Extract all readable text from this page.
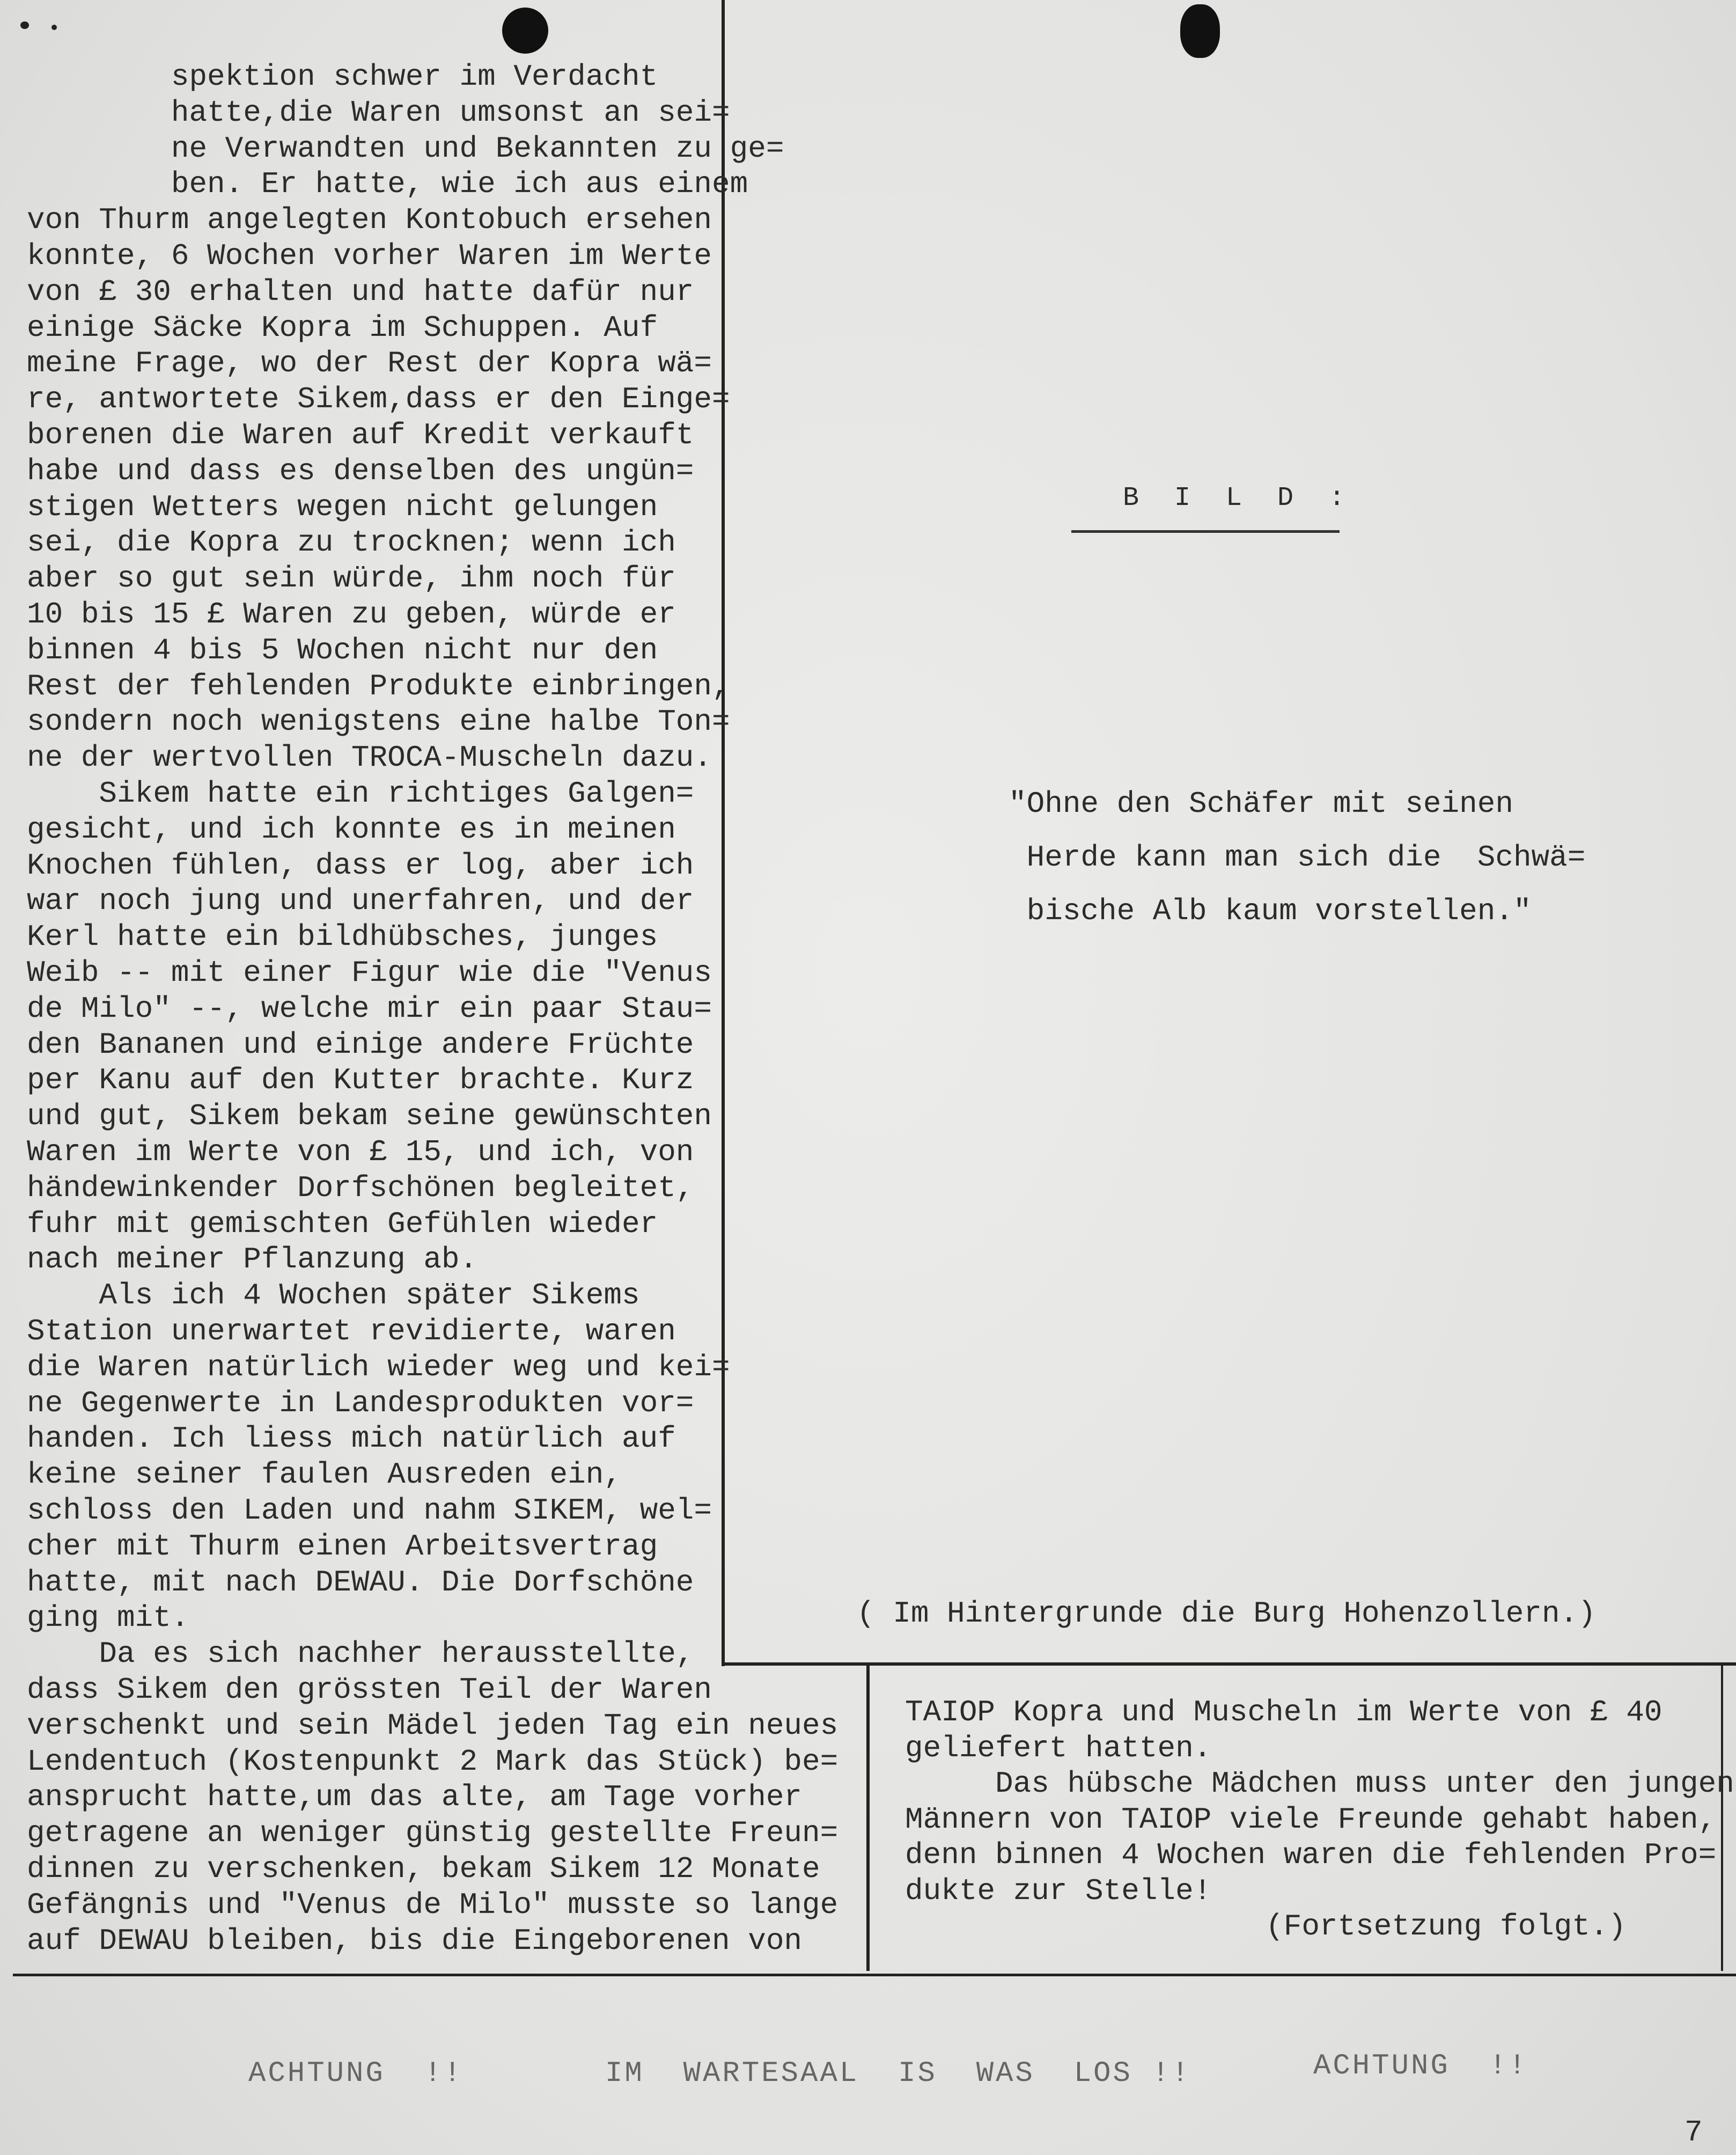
spektion schwer im Verdacht
hatte,die Waren umsonst an sei=
ne Verwandten und Bekannten zu ge=
ben. Er hatte, wie ich aus einem
von Thurm angelegten Kontobuch ersehen
konnte, 6 Wochen vorher Waren im Werte
von £ 30 erhalten und hatte dafür nur
einige Säcke Kopra im Schuppen. Auf
meine Frage, wo der Rest der Kopra wä=
re, antwortete Sikem,dass er den Einge=
borenen die Waren auf Kredit verkauft
habe und dass es denselben des ungün=
stigen Wetters wegen nicht gelungen
sei, die Kopra zu trocknen; wenn ich
aber so gut sein würde, ihm noch für
10 bis 15 £ Waren zu geben, würde er
binnen 4 bis 5 Wochen nicht nur den
Rest der fehlenden Produkte einbringen,
sondern noch wenigstens eine halbe Ton=
ne der wertvollen TROCA-Muscheln dazu.
Sikem hatte ein richtiges Galgen=
gesicht, und ich konnte es in meinen
Knochen fühlen, dass er log, aber ich
war noch jung und unerfahren, und der
Kerl hatte ein bildhübsches, junges
Weib -- mit einer Figur wie die "Venus
de Milo" --, welche mir ein paar Stau=
den Bananen und einige andere Früchte
per Kanu auf den Kutter brachte. Kurz
und gut, Sikem bekam seine gewünschten
Waren im Werte von £ 15, und ich, von
händewinkender Dorfschönen begleitet,
fuhr mit gemischten Gefühlen wieder
nach meiner Pflanzung ab.
Als ich 4 Wochen später Sikems
Station unerwartet revidierte, waren
die Waren natürlich wieder weg und kei=
ne Gegenwerte in Landesprodukten vor=
handen. Ich liess mich natürlich auf
keine seiner faulen Ausreden ein,
schloss den Laden und nahm SIKEM, wel=
cher mit Thurm einen Arbeitsvertrag
hatte, mit nach DEWAU. Die Dorfschöne
ging mit.
Da es sich nachher herausstellte,
dass Sikem den grössten Teil der Waren
verschenkt und sein Mädel jeden Tag ein neues
Lendentuch (Kostenpunkt 2 Mark das Stück) be=
ansprucht hatte,um das alte, am Tage vorher
getragene an weniger günstig gestellte Freun=
dinnen zu verschenken, bekam Sikem 12 Monate
Gefängnis und "Venus de Milo" musste so lange
auf DEWAU bleiben, bis die Eingeborenen von
B I L D :
"Ohne den Schäfer mit seinen
Herde kann man sich die  Schwä=
bische Alb kaum vorstellen."
( Im Hintergrunde die Burg Hohenzollern.)
TAIOP Kopra und Muscheln im Werte von £ 40
geliefert hatten.
Das hübsche Mädchen muss unter den jungen
Männern von TAIOP viele Freunde gehabt haben,
denn binnen 4 Wochen waren die fehlenden Pro=
dukte zur Stelle!
(Fortsetzung folgt.)
ACHTUNG  !!	IM  WARTESAAL  IS  WAS  LOS !!	ACHTUNG  !!
7
